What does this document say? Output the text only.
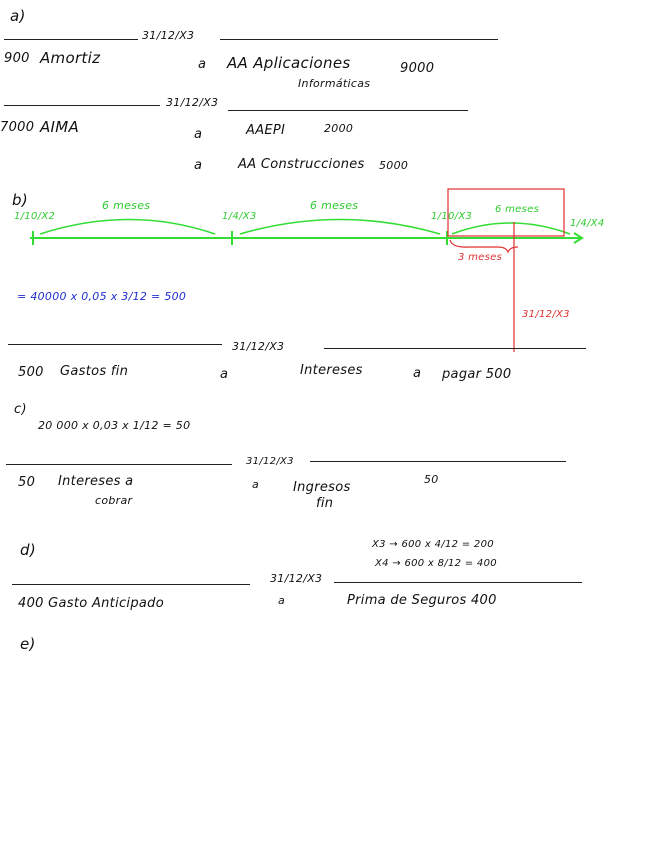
a)
31/12/X3
900 Amortiz	a AA Aplicaciones
Informáticas
9000
31/12/X3
7000 AIMA	a	AAEPI	2000
a	AA Construcciones 5000
b)
1/10/X2	1/4/X3	1/10/X3
1/4/X4
6 meses	6 meses	6 meses
3 meses
31/12/X3
= 40000 x 0,05 x 3/12 = 500
31/12/X3
500 Gastos fin	a	Intereses	a pagar 500
c)
20 000 x 0,03 x 1/12 = 50
31/12/X3
50 Intereses a
cobrar
a	Ingresos
fin
50
d)	X3 → 600 x 4/12 = 200
X4 → 600 x 8/12 = 400
31/12/X3
400 Gasto Anticipado	a	Prima de Seguros 400
e)
